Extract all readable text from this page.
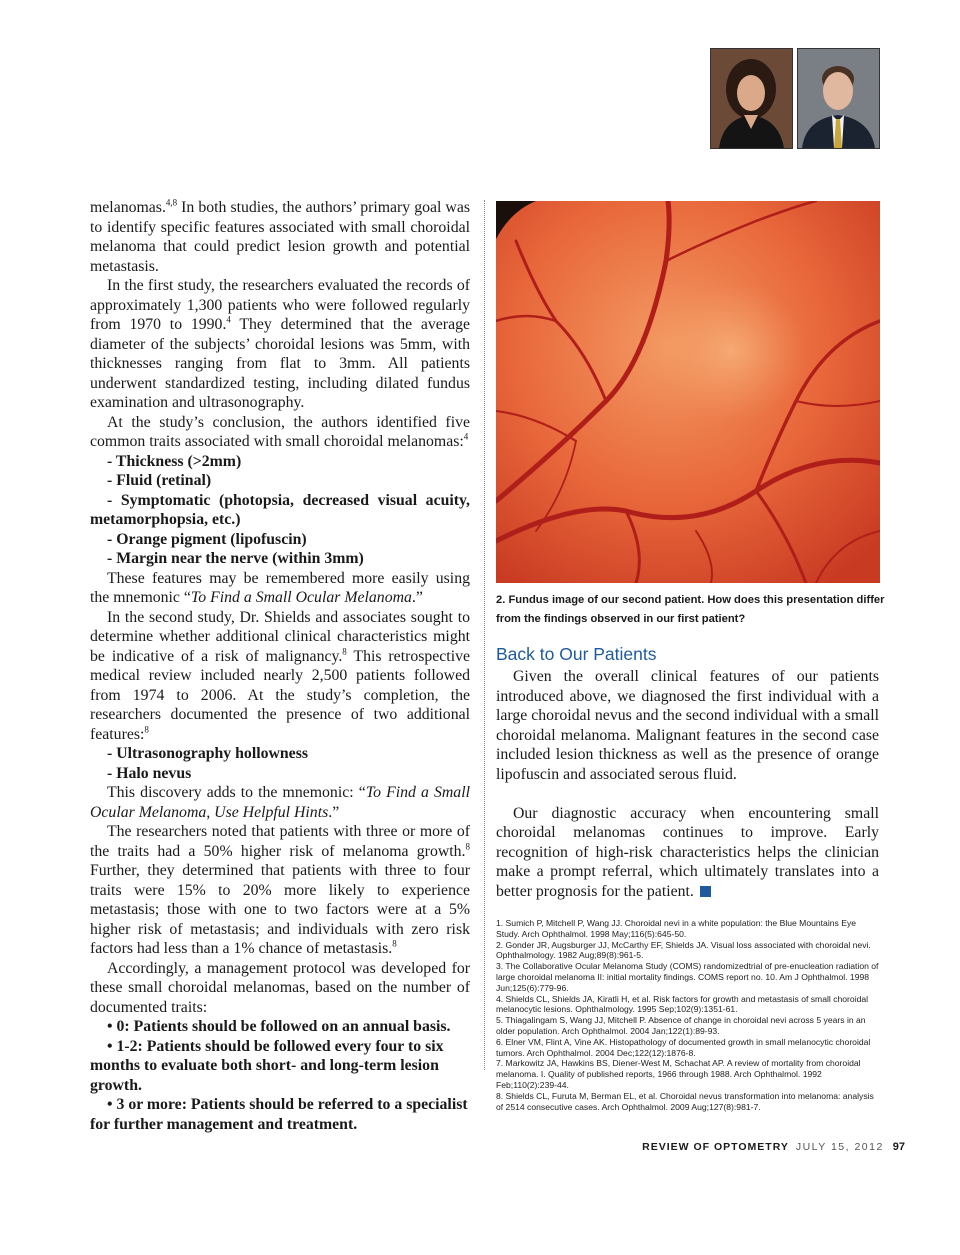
melanomas.$^{4,8}$ In both studies, the authors’ primary goal was to identify specific features associated with small choroidal melanoma that could predict lesion growth and potential metastasis.

In the first study, the researchers evaluated the records of approximately 1,300 patients who were followed regularly from 1970 to 1990.$^4$ They determined that the average diameter of the subjects’ choroidal lesions was 5mm, with thicknesses ranging from flat to 3mm. All patients underwent standardized testing, including dilated fundus examination and ultrasonography.

At the study’s conclusion, the authors identified five common traits associated with small choroidal melanomas:$^4$

- Thickness (>2mm)

- Fluid (retinal)

- Symptomatic (photopsia, decreased visual acuity, metamorphopsia, etc.)

- Orange pigment (lipofuscin)

- Margin near the nerve (within 3mm)

These features may be remembered more easily using the mnemonic “To Find a Small Ocular Melanoma.”

In the second study, Dr. Shields and associates sought to determine whether additional clinical characteristics might be indicative of a risk of malignancy.$^8$ This retrospective medical review included nearly 2,500 patients followed from 1974 to 2006. At the study’s completion, the researchers documented the presence of two additional features:$^8$

- Ultrasonography hollowness

- Halo nevus

This discovery adds to the mnemonic: “To Find a Small Ocular Melanoma, Use Helpful Hints.”

The researchers noted that patients with three or more of the traits had a 50% higher risk of melanoma growth.$^8$ Further, they determined that patients with three to four traits were 15% to 20% more likely to experience metastasis; those with one to two factors were at a 5% higher risk of metastasis; and individuals with zero risk factors had less than a 1% chance of metastasis.$^8$

Accordingly, a management protocol was developed for these small choroidal melanomas, based on the number of documented traits:

• 0: Patients should be followed on an annual basis.

• 1-2: Patients should be followed every four to six months to evaluate both short- and long-term lesion growth.

• 3 or more: Patients should be referred to a specialist for further management and treatment.

2. Fundus image of our second patient. How does this presentation differ from the findings observed in our first patient?
Back to Our Patients

Given the overall clinical features of our patients introduced above, we diagnosed the first individual with a large choroidal nevus and the second individual with a small choroidal melanoma. Malignant features in the second case included lesion thickness as well as the presence of orange lipofuscin and associated serous fluid.

Our diagnostic accuracy when encountering small choroidal melanomas continues to improve. Early recognition of high-risk characteristics helps the clinician make a prompt referral, which ultimately translates into a better prognosis for the patient.

1. Sumich P, Mitchell P, Wang JJ. Choroidal nevi in a white population: the Blue Mountains Eye Study. Arch Ophthalmol. 1998 May;116(5):645-50.

2. Gonder JR, Augsburger JJ, McCarthy EF, Shields JA. Visual loss associated with choroidal nevi. Ophthalmology. 1982 Aug;89(8):961-5.

3. The Collaborative Ocular Melanoma Study (COMS) randomizedtrial of pre-enucleation radiation of large choroidal melanoma II: initial mortality findings. COMS report no. 10. Am J Ophthalmol. 1998 Jun;125(6):779-96.

4. Shields CL, Shields JA, Kiratli H, et al. Risk factors for growth and metastasis of small choroidal melanocytic lesions. Ophthalmology. 1995 Sep;102(9):1351-61.

5. Thiagalingam S, Wang JJ, Mitchell P. Absence of change in choroidal nevi across 5 years in an older population. Arch Ophthalmol. 2004 Jan;122(1):89-93.

6. Elner VM, Flint A, Vine AK. Histopathology of documented growth in small melanocytic choroidal tumors. Arch Ophthalmol. 2004 Dec;122(12):1876-8.

7. Markowitz JA, Hawkins BS, Diener-West M, Schachat AP. A review of mortality from choroidal melanoma. I. Quality of published reports, 1966 through 1988. Arch Ophthalmol. 1992 Feb;110(2):239-44.

8. Shields CL, Furuta M, Berman EL, et al. Choroidal nevus transformation into melanoma: analysis of 2514 consecutive cases. Arch Ophthalmol. 2009 Aug;127(8):981-7.

REVIEW OF OPTOMETRY JULY 15, 2012 97
